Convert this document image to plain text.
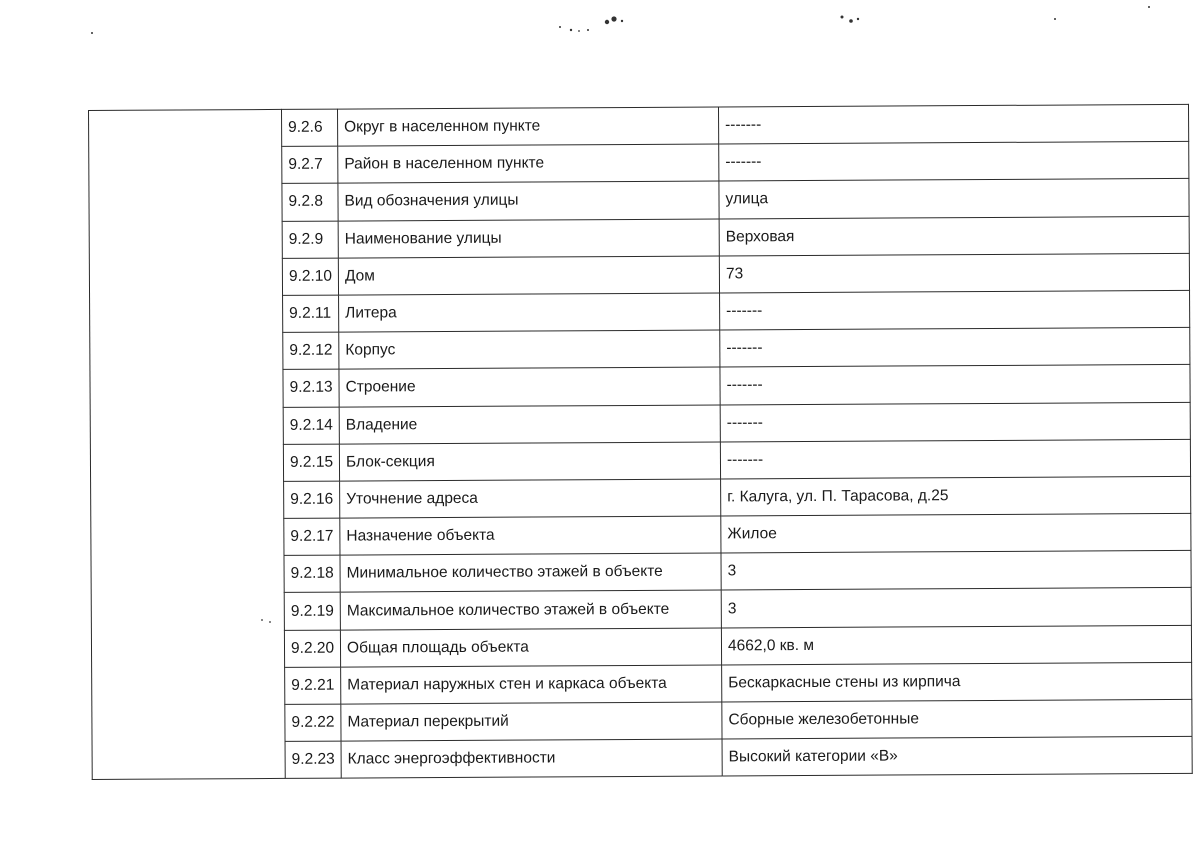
	9.2.6	Округ в населенном пункте	-------
	9.2.7	Район в населенном пункте	-------
	9.2.8	Вид обозначения улицы	улица
	9.2.9	Наименование улицы	Верховая
	9.2.10	Дом	73
	9.2.11	Литера	-------
	9.2.12	Корпус	-------
	9.2.13	Строение	-------
	9.2.14	Владение	-------
	9.2.15	Блок-секция	-------
	9.2.16	Уточнение адреса	г. Калуга, ул. П. Тарасова, д.25
	9.2.17	Назначение объекта	Жилое
	9.2.18	Минимальное количество этажей в объекте	3
	9.2.19	Максимальное количество этажей в объекте	3
	9.2.20	Общая площадь объекта	4662,0 кв. м
	9.2.21	Материал наружных стен и каркаса объекта	Бескаркасные стены из кирпича
	9.2.22	Материал перекрытий	Сборные железобетонные
	9.2.23	Класс энергоэффективности	Высокий категории «В»
